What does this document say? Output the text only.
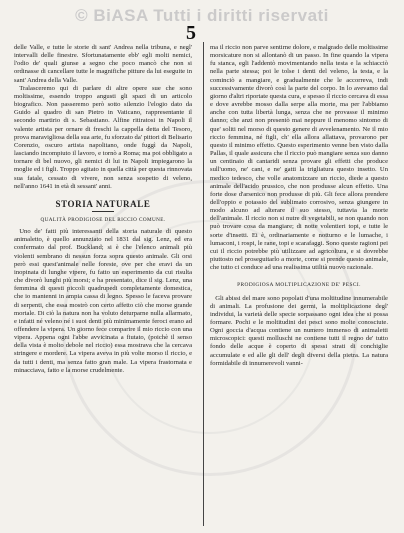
© BiASA Tutti i diritti riservati
5

delle Valle, e tutte le storie di sant' Andrea nella tribuna, e negl' intervalli delle finestre. Sfortunatamente ebb' egli molti nemici, l'odio de' quali giunse a segno che poco mancò che non si ordinasse di cancellare tutte le magnifiche pitture da lui eseguite in sant' Andrea della Valle.

Tralasceremo qui di parlare di altre opere sue che sono moltissime, essendo troppo angusti gli spazi di un articolo biografico. Non passeremo però sotto silenzio l'elogio dato da Guido al quadro di san Pietro in Vaticano, rappresentante il secondo martirio di s. Sebastiano. Alfine ritiratosi in Napoli il valente artista per ornare di freschi la cappella detta del Tesoro, prova maravigliosa della sua arte, fu sforzato da' pittori di Belisario Corenzio, oscuro artista napolitano, onde fuggì da Napoli, lasciando incompiuto il lavoro, e tornò a Roma; ma poi obbligato a tornare di bel nuovo, gli nemici di lui in Napoli impiegarono la moglie ed i figli. Troppo agitato in quella città per questa rinnovata sua fatale, cessato di vivere, non senza sospetto di veleno, nell'anno 1641 in età di sessant' anni.

STORIA NATURALE
QUALITÀ PRODIGIOSE DEL RICCIO COMUNE.

Uno de' fatti più interessanti della storia naturale di questo animaletto, è quello annunziato nel 1831 dal sig. Lenz, ed era confermato dal prof. Buckland; si è che l'elenco animali più violenti sembrano di nessun forza sopra questo animale. Gli orsi però essi quest'animale nelle foreste, ove per che eravi da un inopinata di lunghe vipere, fu fatto un esperimento da cui risulta che divorò lunghi più morsi; e ha presentato, dice il sig. Lenz, una femmina di questi piccoli quadrupedi completamente domestica, che io mantenni in ampia cassa di legno. Spesso le faceva provare di serpenti, che essa mostrò con certo affetto ciò che morse grande mortale. Di ciò la natura non ha voluto deturparne nulla allarmato, e infatti né veleno né i suoi denti più minimamente feroci erano ad offendere la vipera. Un giorno fece comparire il mio riccio con una vipera. Appena ogni l'abbe avvicinata a fiutato, (poichè il senso della vista è molto debole nel riccio) essa mostrava che la cercava stringere e mordere. La vipera aveva in più volte morso il riccio, e da tutti i denti, ma senza fatto gran male. La vipera frastornata e minacciava, fatto e la morse crudelmente.

ma il riccio non parve sentirne dolore, e malgrado delle moltissime morsicature non si allontanò di un passo. In fine quando la vipera fu stanca, egli l'addentò movimentando nella testa e la schiacciò nella parte stessa; poi le tolse i denti del veleno, la testa, e la cominciò a mangiare, e gradualmente che le accorreva, indi successivamente divorò così la parte del corpo. In lo avevamo dal giorno d'altri riportate questa cura, e spesso il riccio cercava di essa e dove avrebbe mosso dalla serpe alla morte, ma per l'abbiamo anche con tutta libertà lunga, senza che ne provasse il minimo danno; che anzi non presentò mai neppure il menomo sintomo di que' soliti nel morso di questo genere di avvelenamento. Ne il mio riccio femmina, né figli, ch' ella allora allattava, provarono per questo il minimo effetto. Questo esperimento venne ben visto dalla Pallas, il quale assicura che il riccio può mangiare senza suo danno un centinaio di cantaridi senza provare gli effetti che produce sull'uomo, ne' cani, e ne' gatti la trigliatura questo insetto. Un medico tedesco, che volle anatomizzare un riccio, diede a questo animale dell'acido prussico, che non produsse alcun effetto. Una forte dose d'arsenico non produsse di più. Gli fece allora prendere dell'oppio e potassio del sublimato corrosivo, senza giungere in modo alcuno ad alterare il suo stesso, tuttavia la morte dell'animale. Il riccio non si nutre di vegetabili, se non quando non può trovare cosa da mangiare; di notte volentieri topi, e tutte le sorte d'insetti. Ei è, ordinariamente e notturno e le lumache, i lumaconi, i rospi, le rane, topi e scarafaggi. Sono queste ragioni pei cui il riccio potrebbe più utilizzare ad agricoltura, e si dovrebbe piuttosto nel proseguitarlo a morte, come si prende questo animale, che tutto ci conduce ad una realissima utilità nuovo razionale.

PRODIGIOSA MOLTIPLICAZIONE DE' PESCI.

Gli abissi del mare sono popolati d'una moltitudine innumerabile di animali. La profusione dei germi, la moltiplicazione degl' individui, la varietà delle specie sorpassano ogni idea che si possa formare. Pochi e le moltitudini dei pesci sono molte conosciute. Ogni goccia d'acqua contiene un numero immenso di animaletti microscopici: questi molluschi ne contiene tutti il regno de' tutto fondo delle acque è coperto di spessi strati di conchiglie accumulate e ed alle gli dell' degli diversi della pietra. La natura formidabile di innumerevoli vanni-
